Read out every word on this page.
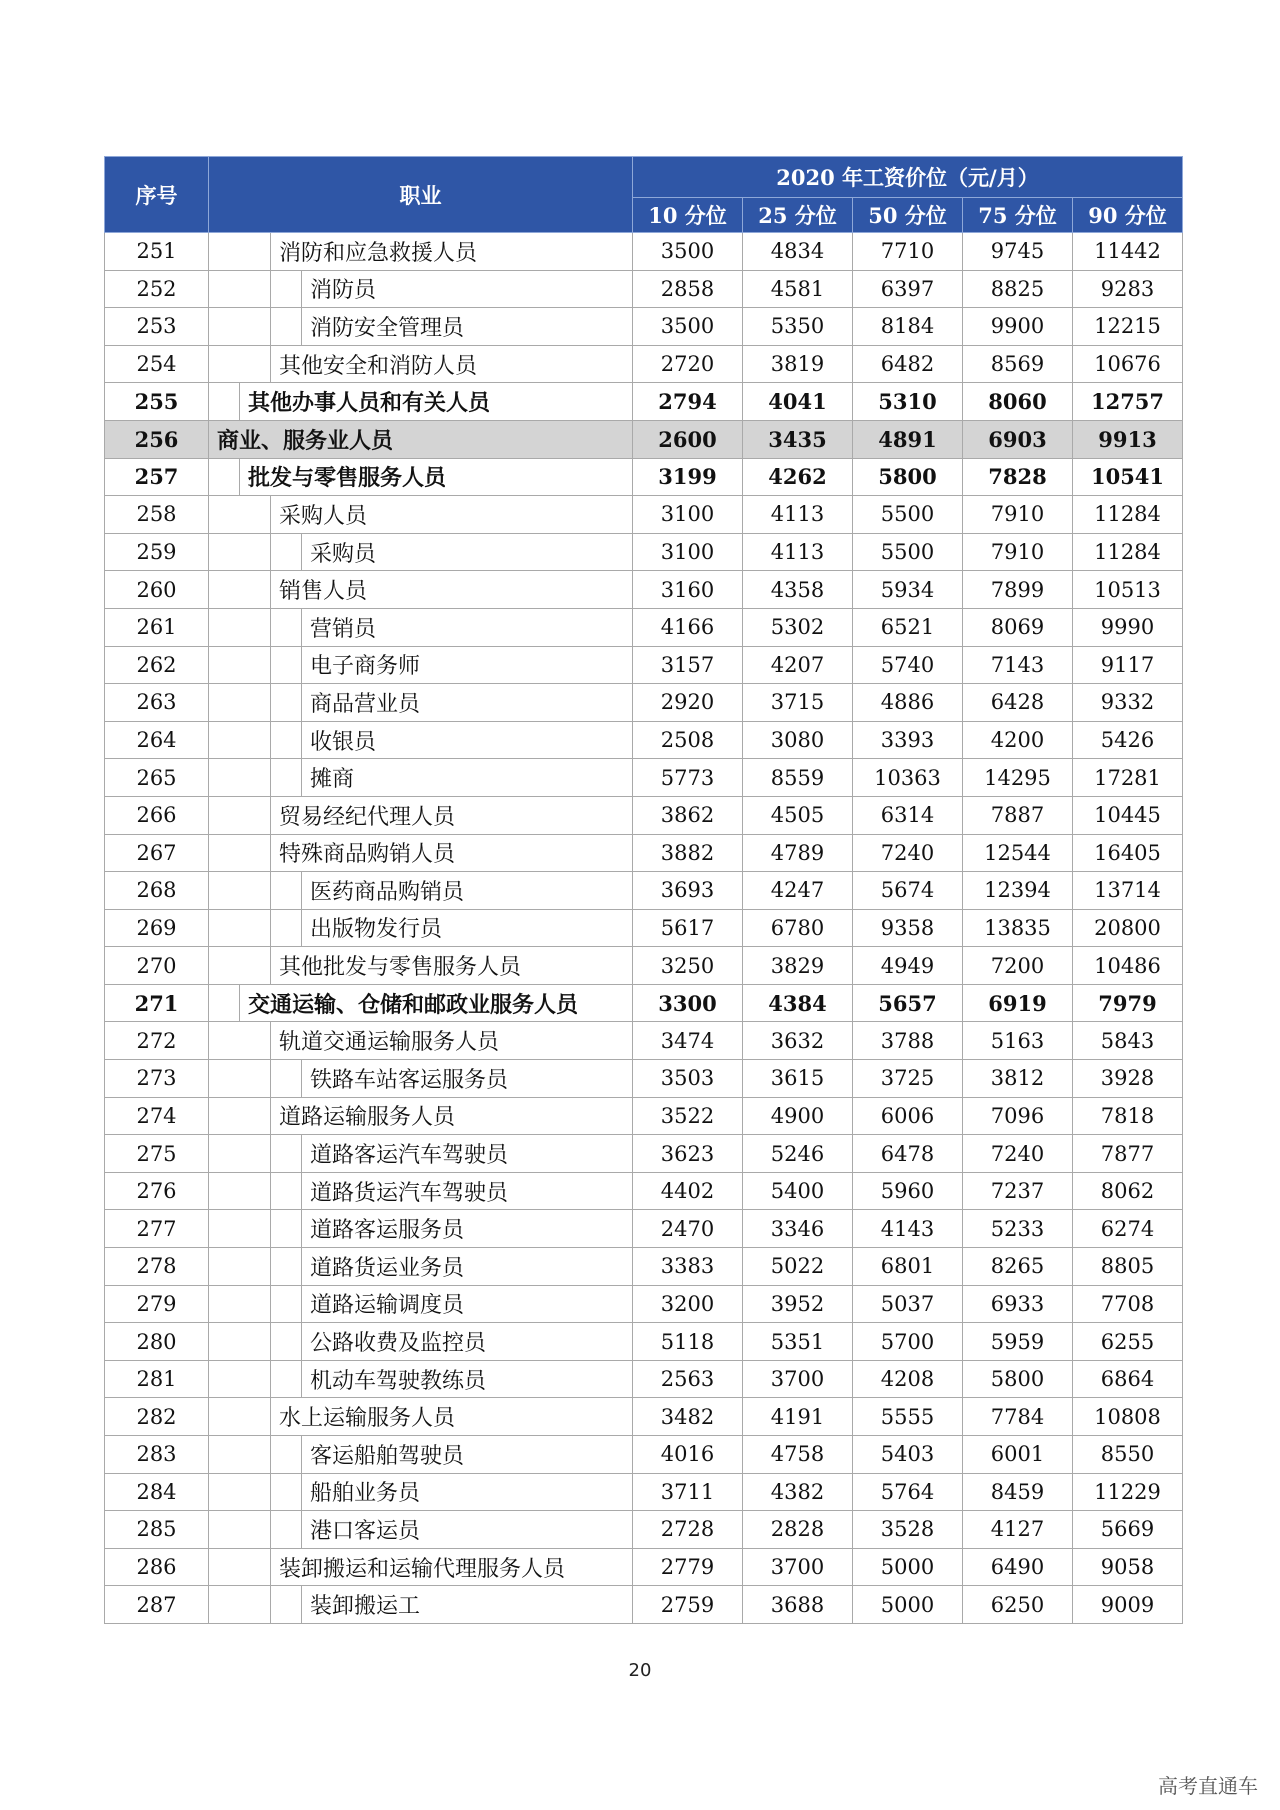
序号	职业				2020 年工资价位（元/月）				
					10 分位	25 分位	50 分位	75 分位	90 分位
251			消防和应急救援人员		3500	4834	7710	9745	11442
252				消防员	2858	4581	6397	8825	9283
253				消防安全管理员	3500	5350	8184	9900	12215
254			其他安全和消防人员		2720	3819	6482	8569	10676
255		其他办事人员和有关人员			2794	4041	5310	8060	12757
256	商业、服务业人员				2600	3435	4891	6903	9913
257		批发与零售服务人员			3199	4262	5800	7828	10541
258			采购人员		3100	4113	5500	7910	11284
259				采购员	3100	4113	5500	7910	11284
260			销售人员		3160	4358	5934	7899	10513
261				营销员	4166	5302	6521	8069	9990
262				电子商务师	3157	4207	5740	7143	9117
263				商品营业员	2920	3715	4886	6428	9332
264				收银员	2508	3080	3393	4200	5426
265				摊商	5773	8559	10363	14295	17281
266			贸易经纪代理人员		3862	4505	6314	7887	10445
267			特殊商品购销人员		3882	4789	7240	12544	16405
268				医药商品购销员	3693	4247	5674	12394	13714
269				出版物发行员	5617	6780	9358	13835	20800
270			其他批发与零售服务人员		3250	3829	4949	7200	10486
271		交通运输、仓储和邮政业服务人员			3300	4384	5657	6919	7979
272			轨道交通运输服务人员		3474	3632	3788	5163	5843
273				铁路车站客运服务员	3503	3615	3725	3812	3928
274			道路运输服务人员		3522	4900	6006	7096	7818
275				道路客运汽车驾驶员	3623	5246	6478	7240	7877
276				道路货运汽车驾驶员	4402	5400	5960	7237	8062
277				道路客运服务员	2470	3346	4143	5233	6274
278				道路货运业务员	3383	5022	6801	8265	8805
279				道路运输调度员	3200	3952	5037	6933	7708
280				公路收费及监控员	5118	5351	5700	5959	6255
281				机动车驾驶教练员	2563	3700	4208	5800	6864
282			水上运输服务人员		3482	4191	5555	7784	10808
283				客运船舶驾驶员	4016	4758	5403	6001	8550
284				船舶业务员	3711	4382	5764	8459	11229
285				港口客运员	2728	2828	3528	4127	5669
286			装卸搬运和运输代理服务人员		2779	3700	5000	6490	9058
287				装卸搬运工	2759	3688	5000	6250	9009
20
高考直通车
